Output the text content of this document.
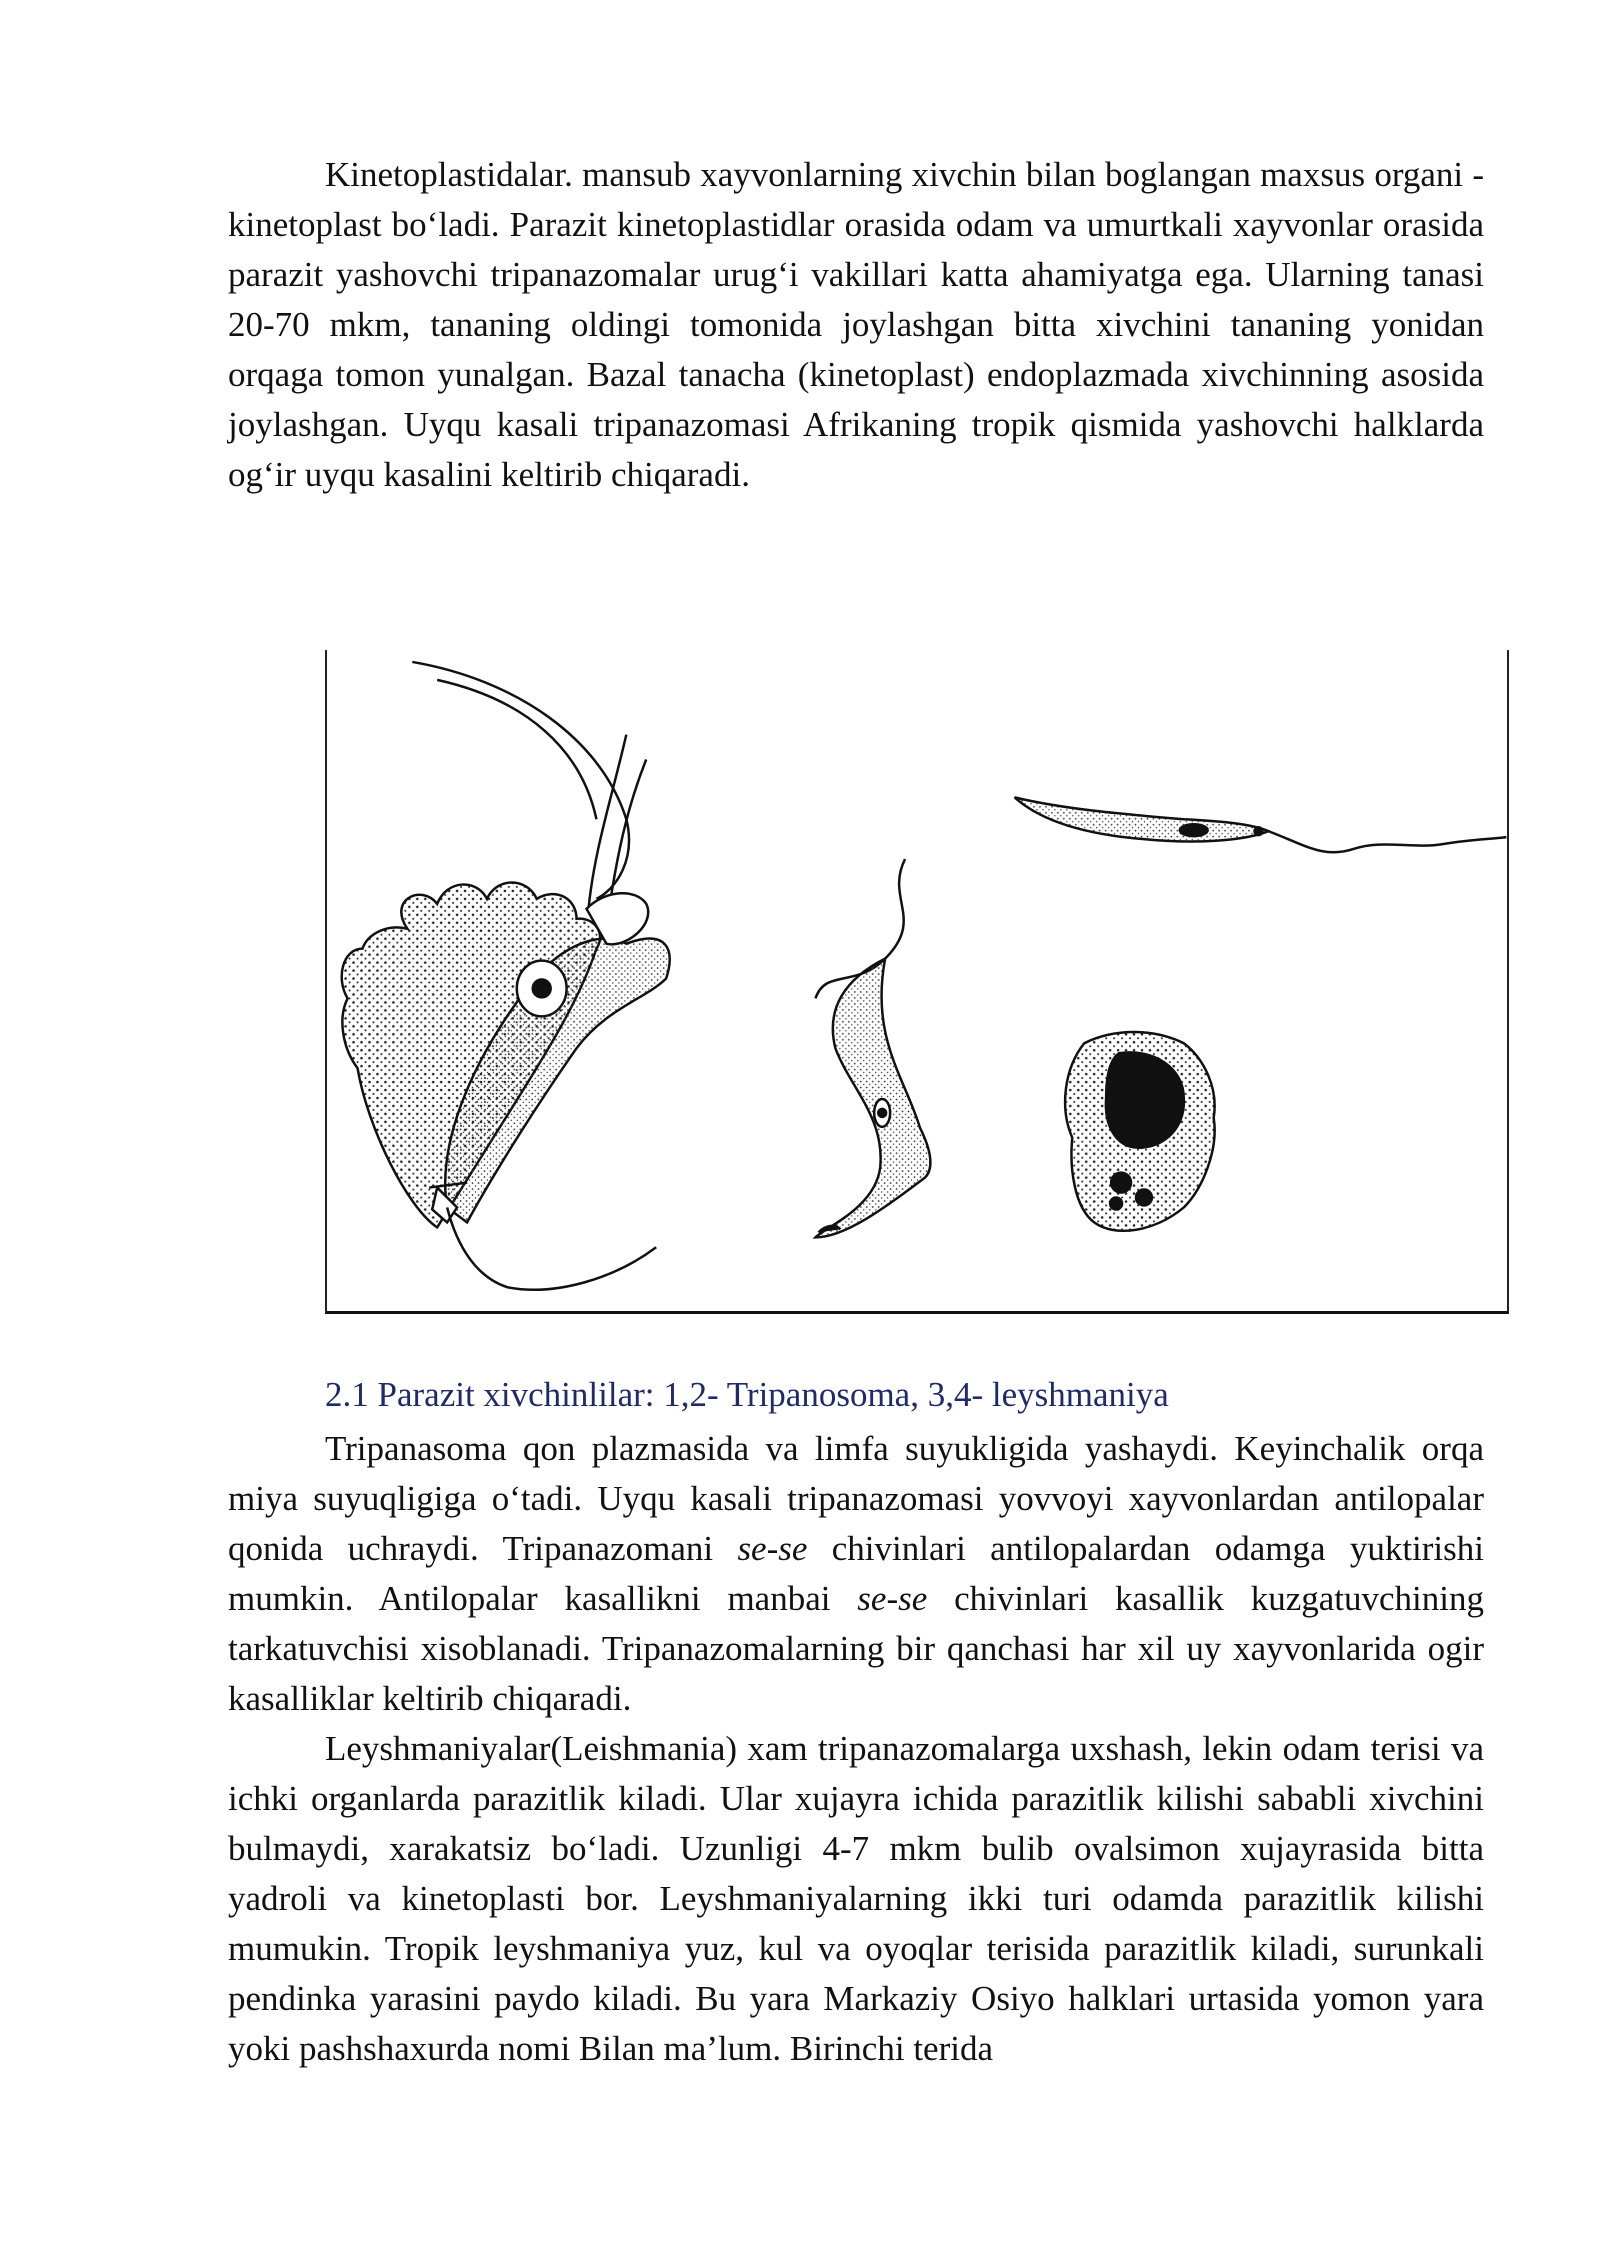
Kinetoplastidalar. mansub xayvonlarning xivchin bilan boglangan maxsus organi - kinetoplast bo‘ladi. Parazit kinetoplastidlar orasida odam va umurtkali xayvonlar orasida parazit yashovchi tripanazomalar urug‘i vakillari katta ahamiyatga ega. Ularning tanasi 20-70 mkm, tananing oldingi tomonida joylashgan bitta xivchini tananing yonidan orqaga tomon yunalgan. Bazal tanacha (kinetoplast) endoplazmada xivchinning asosida joylashgan. Uyqu kasali tripanazomasi Afrikaning tropik qismida yashovchi halklarda og‘ir uyqu kasalini keltirib chiqaradi.

2.1 Parazit xivchinlilar: 1,2- Tripanosoma, 3,4- leyshmaniya

Tripanasoma qon plazmasida va limfa suyukligida yashaydi. Keyinchalik orqa miya suyuqligiga o‘tadi. Uyqu kasali tripanazomasi yovvoyi xayvonlardan antilopalar qonida uchraydi. Tripanazomani se-se chivinlari antilopalardan odamga yuktirishi mumkin. Antilopalar kasallikni manbai se-se chivinlari kasallik kuzgatuvchining tarkatuvchisi xisoblanadi. Tripanazomalarning bir qanchasi har xil uy xayvonlarida ogir kasalliklar keltirib chiqaradi.

Leyshmaniyalar(Leishmania) xam tripanazomalarga uxshash, lekin odam terisi va ichki organlarda parazitlik kiladi. Ular xujayra ichida parazitlik kilishi sababli xivchini bulmaydi, xarakatsiz bo‘ladi. Uzunligi 4-7 mkm bulib ovalsimon xujayrasida bitta yadroli va kinetoplasti bor. Leyshmaniyalarning ikki turi odamda parazitlik kilishi mumukin. Tropik leyshmaniya yuz, kul va oyoqlar terisida parazitlik kiladi, surunkali pendinka yarasini paydo kiladi. Bu yara Markaziy Osiyo halklari urtasida yomon yara yoki pashshaxurda nomi Bilan ma’lum. Birinchi terida
